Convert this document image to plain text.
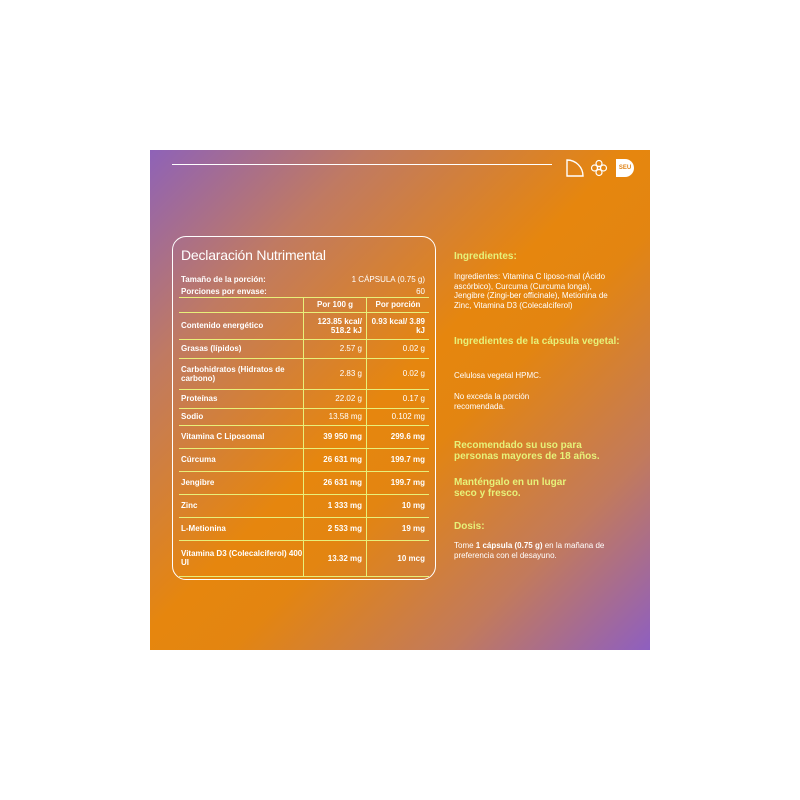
SEU
Declaración Nutrimental
Tamaño de la porción:	1 CÁPSULA (0.75 g)	
Porciones por envase:	60	
	Por 100 g	Por porción
Contenido energético	123.85 kcal/ 518.2 kJ	0.93 kcal/ 3.89 kJ
Grasas (lípidos)	2.57 g	0.02 g
Carbohidratos (Hidratos de carbono)	2.83 g	0.02 g
Proteínas	22.02 g	0.17 g
Sodio	13.58 mg	0.102 mg
Vitamina C Liposomal	39 950 mg	299.6 mg
Cúrcuma	26 631 mg	199.7 mg
Jengibre	26 631 mg	199.7 mg
Zinc	1 333 mg	10 mg
L-Metionina	2 533 mg	19 mg
Vitamina D3 (Colecalciferol) 400 UI	13.32 mg	10 mcg
Ingredientes:
Ingredientes: Vitamina C liposo-mal (Ácido ascórbico), Curcuma (Curcuma longa), Jengibre (Zingi-ber officinale), Metionina de Zinc, Vitamina D3 (Colecalciferol)
Ingredientes de la cápsula vegetal:
Celulosa vegetal HPMC.
No exceda la porción recomendada.
Recomendado su uso para personas mayores de 18 años.
Manténgalo en un lugar seco y fresco.
Dosis:
Tome 1 cápsula (0.75 g) en la mañana de preferencia con el desayuno.
